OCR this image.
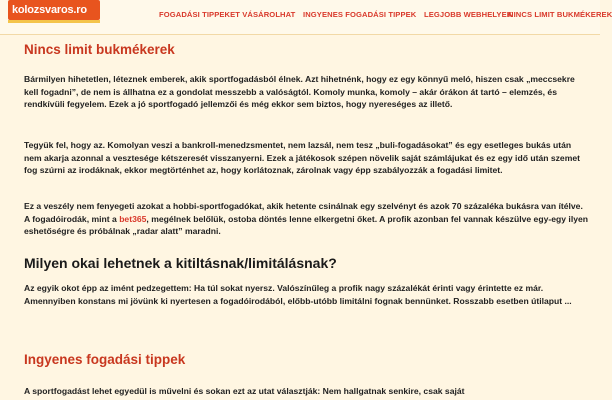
kolozsvaros.ro	FOGADÁSI TIPPEKET VÁSÁROLHAT INGYENES FOGADÁSI TIPPEK LEGJOBB WEBHELYEK
NINCS LIMIT BUKMÉKEREK
Nincs limit bukmékerek

Bármilyen hihetetlen, léteznek emberek, akik sportfogadásból élnek. Azt hihetnénk, hogy ez egy könnyű meló, hiszen csak „meccsekre kell fogadni”, de nem is állhatna ez a gondolat messzebb a valóságtól. Komoly munka, komoly – akár órákon át tartó – elemzés, és rendkívüli fegyelem. Ezek a jó sportfogadó jellemzői és még ekkor sem biztos, hogy nyereséges az illető.

Tegyük fel, hogy az. Komolyan veszi a bankroll-menedzsmentet, nem lazsál, nem tesz „buli-fogadásokat” és egy esetleges bukás után nem akarja azonnal a vesztesége kétszeresét visszanyerni. Ezek a játékosok szépen növelik saját számlájukat és ez egy idő után szemet fog szúrni az irodáknak, ekkor megtörténhet az, hogy korlátoznak, zárolnak vagy épp szabályozzák a fogadási limitet.

Ez a veszély nem fenyegeti azokat a hobbi-sportfogadókat, akik hetente csinálnak egy szelvényt és azok 70 százaléka bukásra van ítélve. A fogadóirodák, mint a bet365, megélnek belőlük, ostoba döntés lenne elkergetni őket. A profik azonban fel vannak készülve egy-egy ilyen eshetőségre és próbálnak „radar alatt” maradni.

Milyen okai lehetnek a kitiltásnak/limitálásnak?

Az egyik okot épp az imént pedzegettem: Ha túl sokat nyersz. Valószínűleg a profik nagy százalékát érinti vagy érintette ez már. Amennyiben konstans mi jövünk ki nyertesen a fogadóirodából, előbb-utóbb limitálni fognak bennünket. Rosszabb esetben útilaput ...

Ingyenes fogadási tippek

A sportfogadást lehet egyedül is művelni és sokan ezt az utat választják: Nem hallgatnak senkire, csak saját
